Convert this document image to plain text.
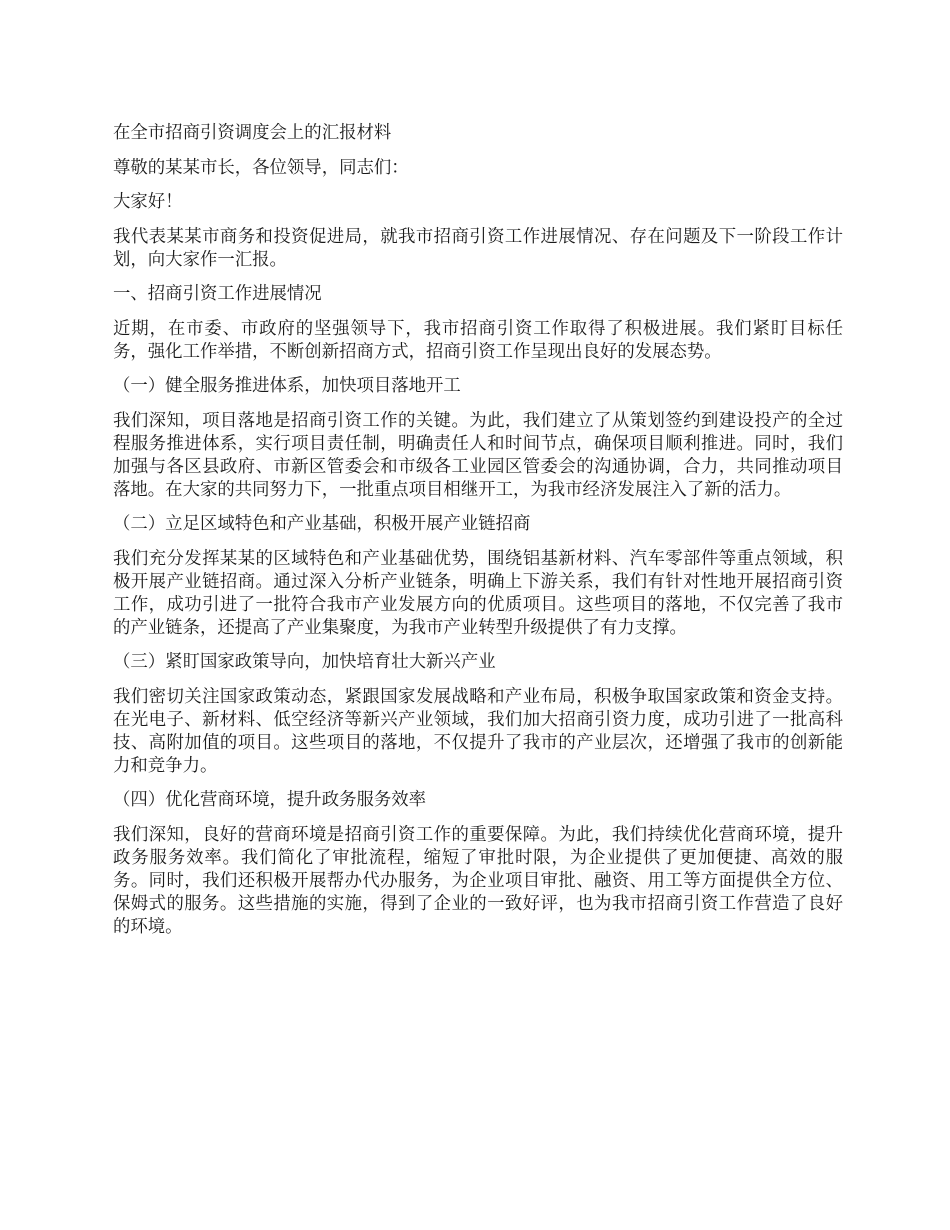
在全市招商引资调度会上的汇报材料

尊敬的某某市长，各位领导，同志们：

大家好！

我代表某某市商务和投资促进局，就我市招商引资工作进展情况、存在问题及下一阶段工作计划，向大家作一汇报。

一、招商引资工作进展情况

近期，在市委、市政府的坚强领导下，我市招商引资工作取得了积极进展。我们紧盯目标任务，强化工作举措，不断创新招商方式，招商引资工作呈现出良好的发展态势。

（一）健全服务推进体系，加快项目落地开工

我们深知，项目落地是招商引资工作的关键。为此，我们建立了从策划签约到建设投产的全过程服务推进体系，实行项目责任制，明确责任人和时间节点，确保项目顺利推进。同时，我们加强与各区县政府、市新区管委会和市级各工业园区管委会的沟通协调，合力，共同推动项目落地。在大家的共同努力下，一批重点项目相继开工，为我市经济发展注入了新的活力。

（二）立足区域特色和产业基础，积极开展产业链招商

我们充分发挥某某的区域特色和产业基础优势，围绕铝基新材料、汽车零部件等重点领域，积极开展产业链招商。通过深入分析产业链条，明确上下游关系，我们有针对性地开展招商引资工作，成功引进了一批符合我市产业发展方向的优质项目。这些项目的落地，不仅完善了我市的产业链条，还提高了产业集聚度，为我市产业转型升级提供了有力支撑。

（三）紧盯国家政策导向，加快培育壮大新兴产业

我们密切关注国家政策动态，紧跟国家发展战略和产业布局，积极争取国家政策和资金支持。在光电子、新材料、低空经济等新兴产业领域，我们加大招商引资力度，成功引进了一批高科技、高附加值的项目。这些项目的落地，不仅提升了我市的产业层次，还增强了我市的创新能力和竞争力。

（四）优化营商环境，提升政务服务效率

我们深知，良好的营商环境是招商引资工作的重要保障。为此，我们持续优化营商环境，提升政务服务效率。我们简化了审批流程，缩短了审批时限，为企业提供了更加便捷、高效的服务。同时，我们还积极开展帮办代办服务，为企业项目审批、融资、用工等方面提供全方位、保姆式的服务。这些措施的实施，得到了企业的一致好评，也为我市招商引资工作营造了良好的环境。
